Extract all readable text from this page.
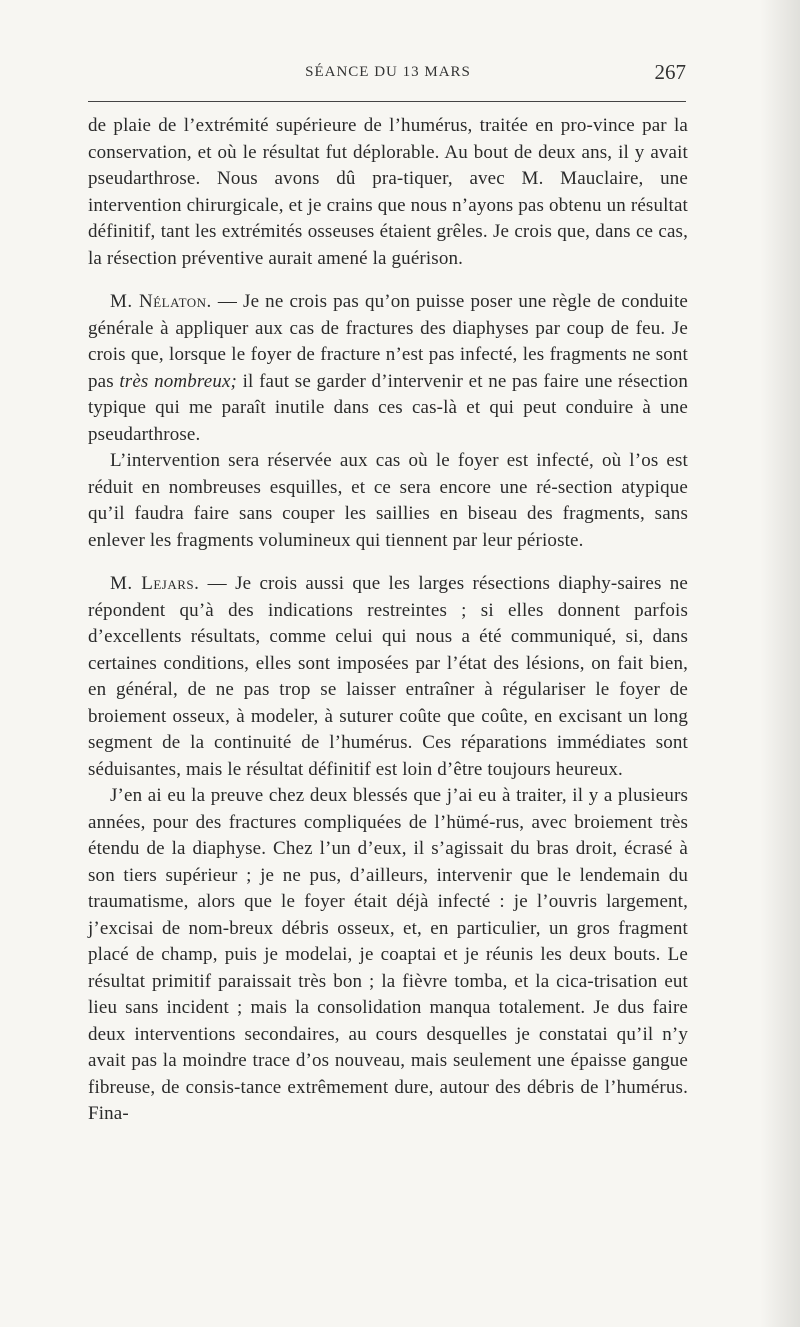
SÉANCE DU 13 MARS	267

de plaie de l’extrémité supérieure de l’humérus, traitée en pro-vince par la conservation, et où le résultat fut déplorable. Au bout de deux ans, il y avait pseudarthrose. Nous avons dû pra-tiquer, avec M. Mauclaire, une intervention chirurgicale, et je crains que nous n’ayons pas obtenu un résultat définitif, tant les extrémités osseuses étaient grêles. Je crois que, dans ce cas, la résection préventive aurait amené la guérison.

M. Nélaton. — Je ne crois pas qu’on puisse poser une règle de conduite générale à appliquer aux cas de fractures des diaphyses par coup de feu. Je crois que, lorsque le foyer de fracture n’est pas infecté, les fragments ne sont pas très nombreux; il faut se garder d’intervenir et ne pas faire une résection typique qui me paraît inutile dans ces cas-là et qui peut conduire à une pseudarthrose.

L’intervention sera réservée aux cas où le foyer est infecté, où l’os est réduit en nombreuses esquilles, et ce sera encore une ré-section atypique qu’il faudra faire sans couper les saillies en biseau des fragments, sans enlever les fragments volumineux qui tiennent par leur périoste.

M. Lejars. — Je crois aussi que les larges résections diaphy-saires ne répondent qu’à des indications restreintes ; si elles donnent parfois d’excellents résultats, comme celui qui nous a été communiqué, si, dans certaines conditions, elles sont imposées par l’état des lésions, on fait bien, en général, de ne pas trop se laisser entraîner à régulariser le foyer de broiement osseux, à modeler, à suturer coûte que coûte, en excisant un long segment de la continuité de l’humérus. Ces réparations immédiates sont séduisantes, mais le résultat définitif est loin d’être toujours heureux.

J’en ai eu la preuve chez deux blessés que j’ai eu à traiter, il y a plusieurs années, pour des fractures compliquées de l’hümé-rus, avec broiement très étendu de la diaphyse. Chez l’un d’eux, il s’agissait du bras droit, écrasé à son tiers supérieur ; je ne pus, d’ailleurs, intervenir que le lendemain du traumatisme, alors que le foyer était déjà infecté : je l’ouvris largement, j’excisai de nom-breux débris osseux, et, en particulier, un gros fragment placé de champ, puis je modelai, je coaptai et je réunis les deux bouts. Le résultat primitif paraissait très bon ; la fièvre tomba, et la cica-trisation eut lieu sans incident ; mais la consolidation manqua totalement. Je dus faire deux interventions secondaires, au cours desquelles je constatai qu’il n’y avait pas la moindre trace d’os nouveau, mais seulement une épaisse gangue fibreuse, de consis-tance extrêmement dure, autour des débris de l’humérus. Fina-
